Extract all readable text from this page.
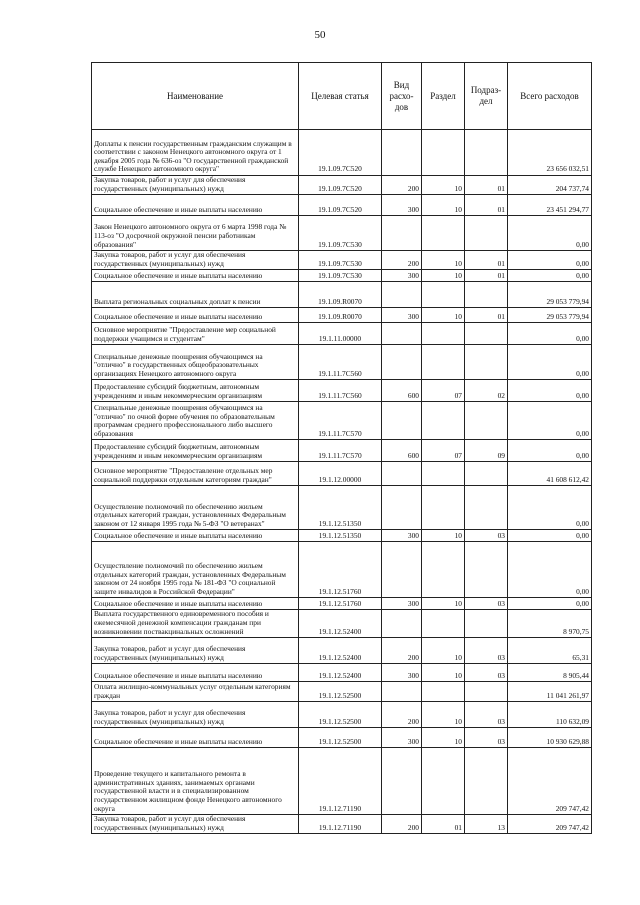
50
Наименование	Целевая статья	Вид расхо-дов	Раздел	Подраз-дел	Всего расходов
Доплаты к пенсии государственным гражданским служащим в соответствии с законом Ненецкого автономного округа от 1 декабря 2005 года № 636-оз "О государственной гражданской службе Ненецкого автономного округа"	19.1.09.7С520				23 656 032,51
Закупка товаров, работ и услуг для обеспечения государственных (муниципальных) нужд	19.1.09.7С520	200	10	01	204 737,74
Социальное обеспечение и иные выплаты населению	19.1.09.7С520	300	10	01	23 451 294,77
Закон Ненецкого автономного округа от 6 марта 1998 года № 113-оз "О досрочной окружной пенсии работникам образования"	19.1.09.7С530				0,00
Закупка товаров, работ и услуг для обеспечения государственных (муниципальных) нужд	19.1.09.7С530	200	10	01	0,00
Социальное обеспечение и иные выплаты населению	19.1.09.7С530	300	10	01	0,00
Выплата региональных социальных доплат к пенсии	19.1.09.R0070				29 053 779,94
Социальное обеспечение и иные выплаты населению	19.1.09.R0070	300	10	01	29 053 779,94
Основное мероприятие "Предоставление мер социальной поддержки учащимся и студентам"	19.1.11.00000				0,00
Специальные денежные поощрения обучающимся на "отлично" в государственных общеобразовательных организациях Ненецкого автономного округа	19.1.11.7С560				0,00
Предоставление субсидий бюджетным, автономным учреждениям и иным некоммерческим организациям	19.1.11.7С560	600	07	02	0,00
Специальные денежные поощрения обучающимся на "отлично" по очной форме обучения по образовательным программам среднего профессионального либо высшего образования	19.1.11.7С570				0,00
Предоставление субсидий бюджетным, автономным учреждениям и иным некоммерческим организациям	19.1.11.7С570	600	07	09	0,00
Основное мероприятие "Предоставление отдельных мер социальной поддержки отдельным категориям граждан"	19.1.12.00000				41 608 612,42
Осуществление полномочий по обеспечению жильем отдельных категорий граждан, установленных Федеральным законом от 12 января 1995 года № 5-ФЗ "О ветеранах"	19.1.12.51350				0,00
Социальное обеспечение и иные выплаты населению	19.1.12.51350	300	10	03	0,00
Осуществление полномочий по обеспечению жильем отдельных категорий граждан, установленных Федеральным законом от 24 ноября 1995 года № 181-ФЗ "О социальной защите инвалидов в Российской Федерации"	19.1.12.51760				0,00
Социальное обеспечение и иные выплаты населению	19.1.12.51760	300	10	03	0,00
Выплата государственного единовременного пособия и ежемесячной денежной компенсации гражданам при возникновении поствакцинальных осложнений	19.1.12.52400				8 970,75
Закупка товаров, работ и услуг для обеспечения государственных (муниципальных) нужд	19.1.12.52400	200	10	03	65,31
Социальное обеспечение и иные выплаты населению	19.1.12.52400	300	10	03	8 905,44
Оплата жилищно-коммунальных услуг отдельным категориям граждан	19.1.12.52500				11 041 261,97
Закупка товаров, работ и услуг для обеспечения государственных (муниципальных) нужд	19.1.12.52500	200	10	03	110 632,09
Социальное обеспечение и иные выплаты населению	19.1.12.52500	300	10	03	10 930 629,88
Проведение текущего и капитального ремонта в административных зданиях, занимаемых органами государственной власти и в специализированном государственном жилищном фонде Ненецкого автономного округа	19.1.12.71190				209 747,42
Закупка товаров, работ и услуг для обеспечения государственных (муниципальных) нужд	19.1.12.71190	200	01	13	209 747,42
